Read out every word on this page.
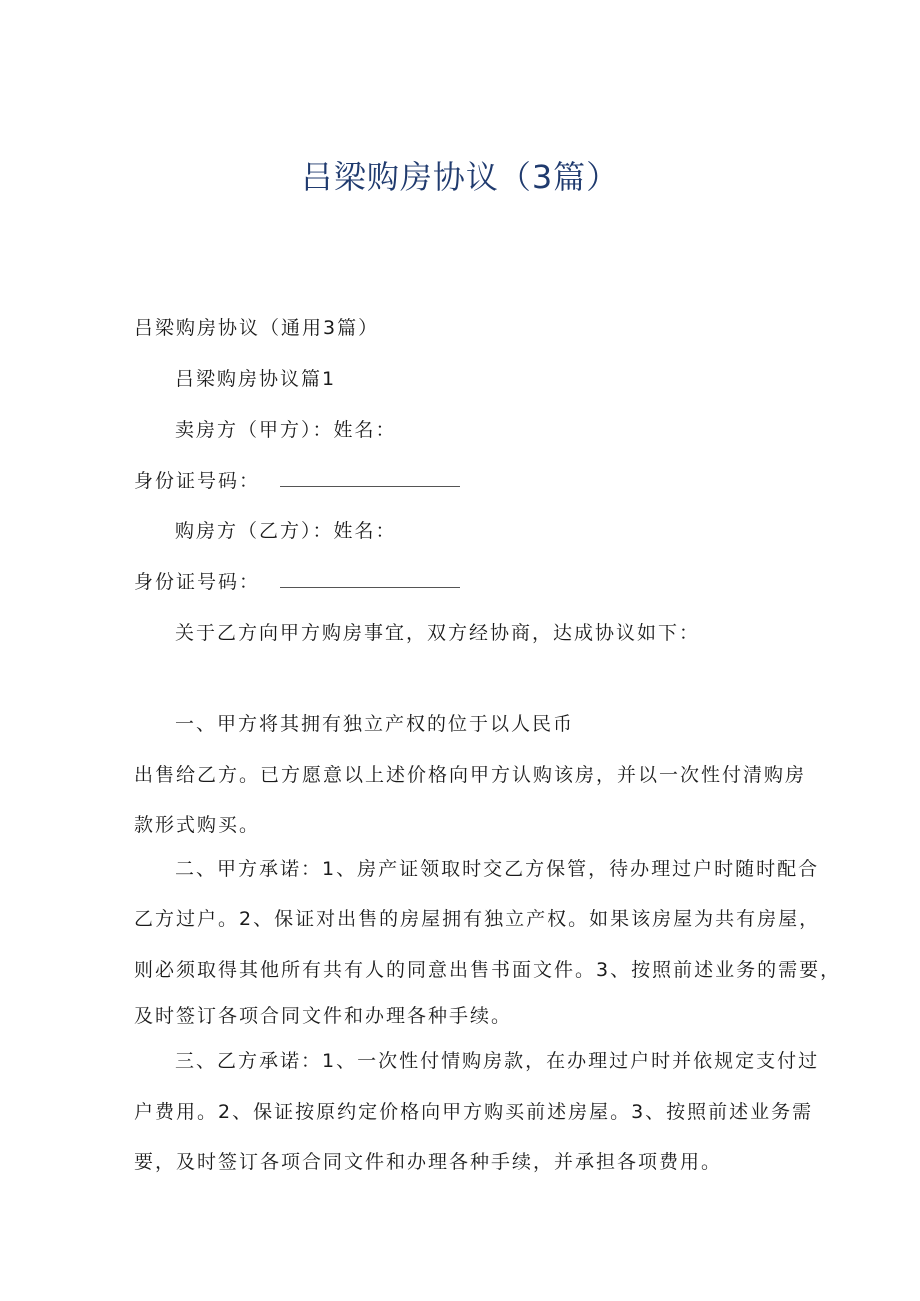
吕梁购房协议（3篇）
吕梁购房协议（通用3篇）
吕梁购房协议篇1
卖房方（甲方）：姓名：
身份证号码：
购房方（乙方）：姓名：
身份证号码：
关于乙方向甲方购房事宜，双方经协商，达成协议如下：
一、甲方将其拥有独立产权的位于以人民币
出售给乙方。已方愿意以上述价格向甲方认购该房，并以一次性付清购房
款形式购买。
二、甲方承诺：1、房产证领取时交乙方保管，待办理过户时随时配合
乙方过户。2、保证对出售的房屋拥有独立产权。如果该房屋为共有房屋，
则必须取得其他所有共有人的同意出售书面文件。3、按照前述业务的需要，
及时签订各项合同文件和办理各种手续。
三、乙方承诺：1、一次性付情购房款，在办理过户时并依规定支付过
户费用。2、保证按原约定价格向甲方购买前述房屋。3、按照前述业务需
要，及时签订各项合同文件和办理各种手续，并承担各项费用。
